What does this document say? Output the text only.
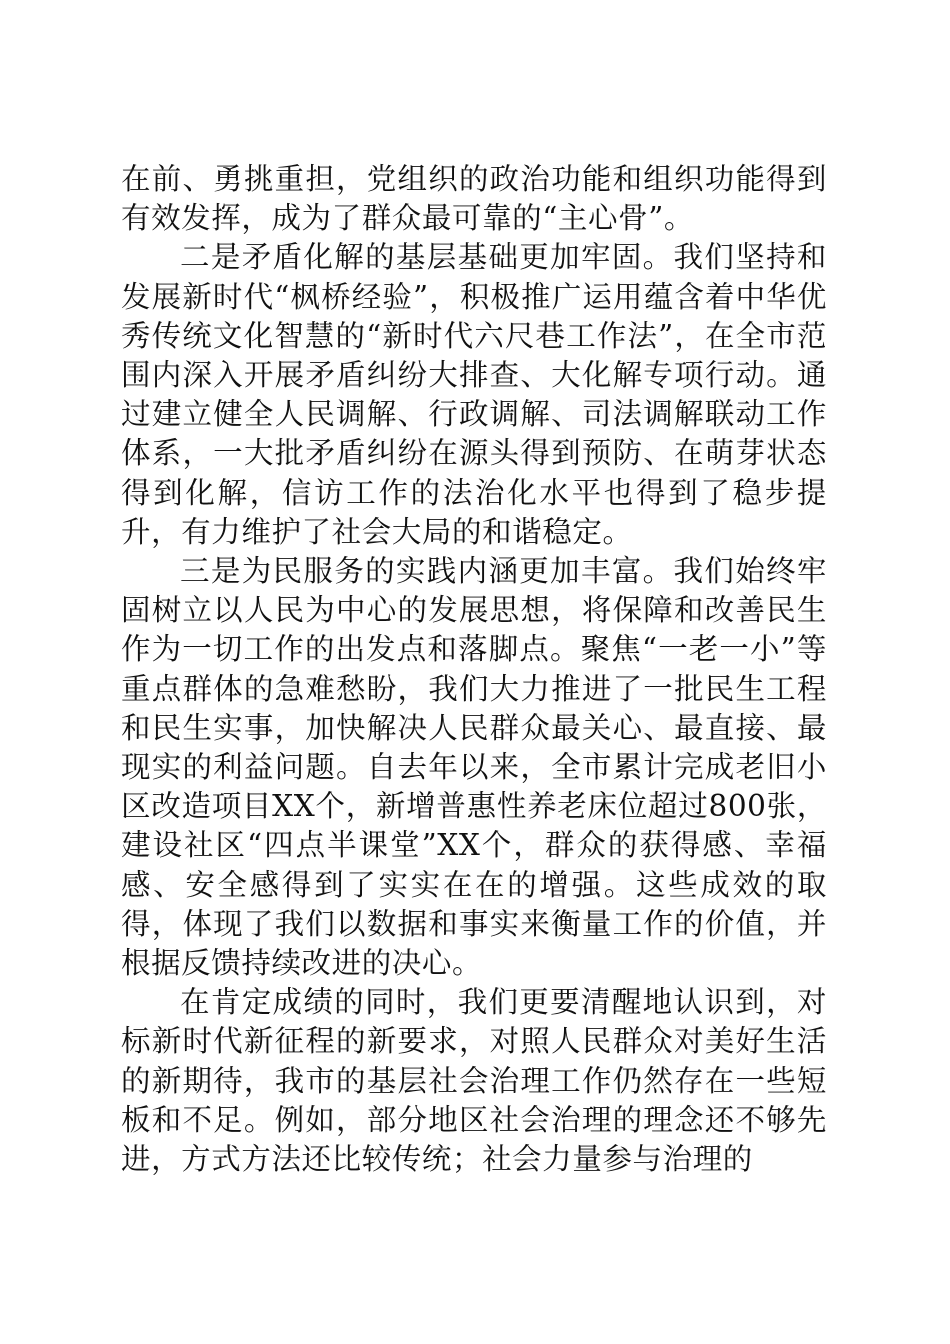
在前、勇挑重担，党组织的政治功能和组织功能得到有效发挥，成为了群众最可靠的“主心骨”。

二是矛盾化解的基层基础更加牢固。我们坚持和发展新时代“枫桥经验”，积极推广运用蕴含着中华优秀传统文化智慧的“新时代六尺巷工作法”，在全市范围内深入开展矛盾纠纷大排查、大化解专项行动。通过建立健全人民调解、行政调解、司法调解联动工作体系，一大批矛盾纠纷在源头得到预防、在萌芽状态得到化解，信访工作的法治化水平也得到了稳步提升，有力维护了社会大局的和谐稳定。

三是为民服务的实践内涵更加丰富。我们始终牢固树立以人民为中心的发展思想，将保障和改善民生作为一切工作的出发点和落脚点。聚焦“一老一小”等重点群体的急难愁盼，我们大力推进了一批民生工程和民生实事，加快解决人民群众最关心、最直接、最现实的利益问题。自去年以来，全市累计完成老旧小区改造项目XX个，新增普惠性养老床位超过800张，建设社区“四点半课堂”XX个，群众的获得感、幸福感、安全感得到了实实在在的增强。这些成效的取得，体现了我们以数据和事实来衡量工作的价值，并根据反馈持续改进的决心。

在肯定成绩的同时，我们更要清醒地认识到，对标新时代新征程的新要求，对照人民群众对美好生活的新期待，我市的基层社会治理工作仍然存在一些短板和不足。例如，部分地区社会治理的理念还不够先进，方式方法还比较传统；社会力量参与治理的
